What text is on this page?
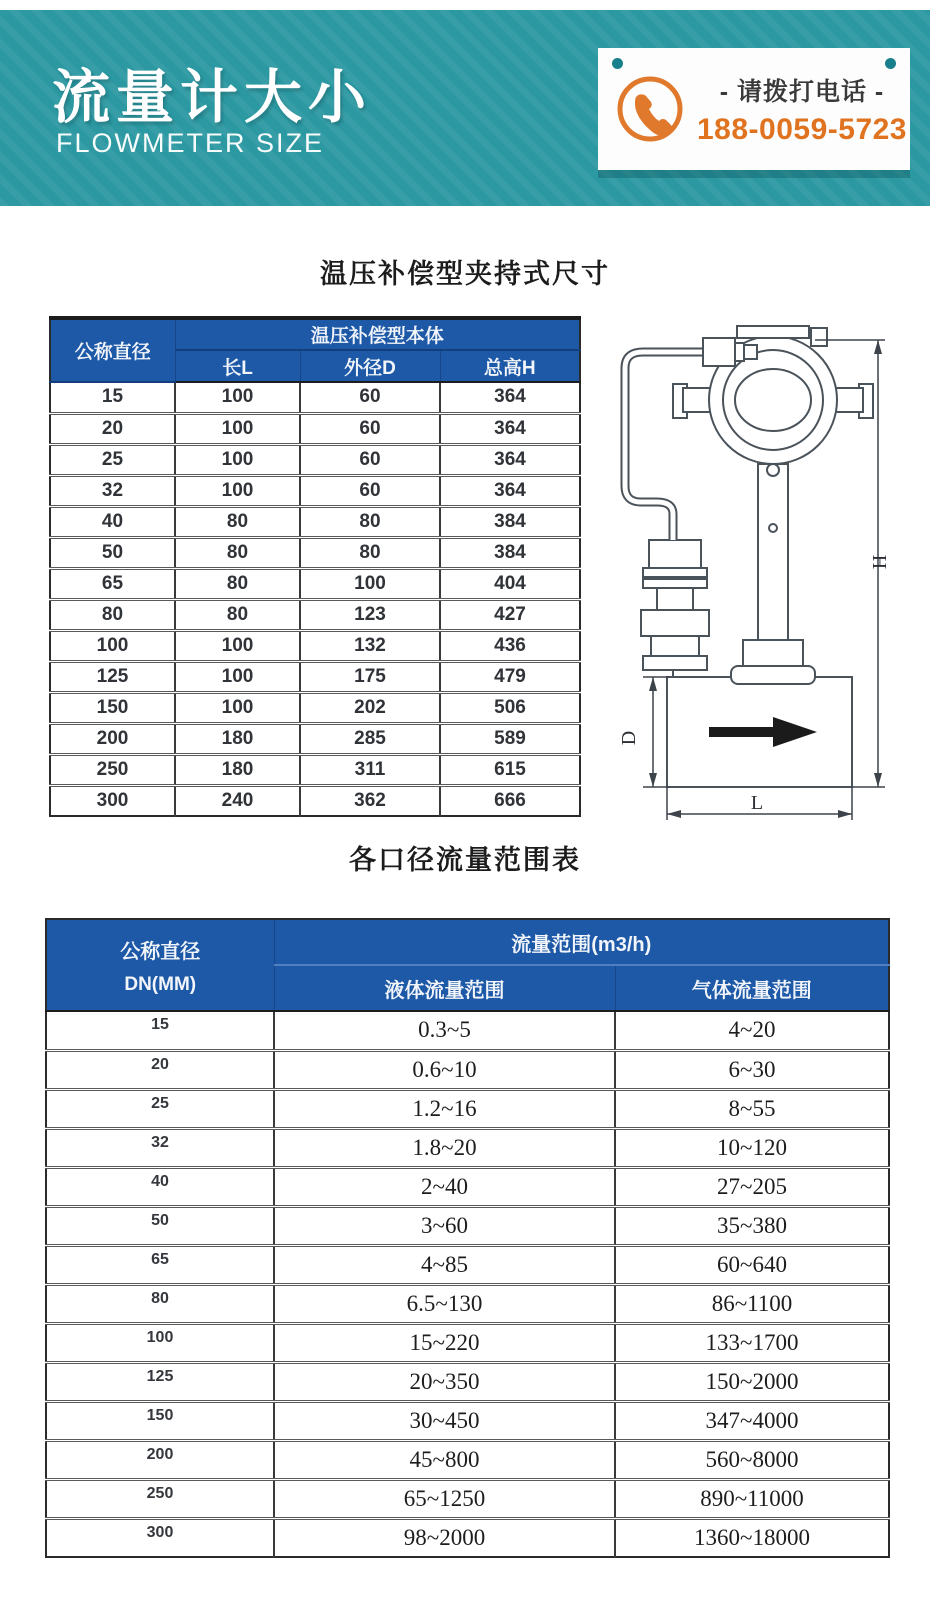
流量计大小
FLOWMETER SIZE
- 请拨打电话 -
188-0059-5723
温压补偿型夹持式尺寸
公称直径	温压补偿型本体		
	长L	外径D	总高H
15	100	60	364
20	100	60	364
25	100	60	364
32	100	60	364
40	80	80	384
50	80	80	384
65	80	100	404
80	80	123	427
100	100	132	436
125	100	175	479
150	100	202	506
200	180	285	589
250	180	311	615
300	240	362	666
H
D
L
各口径流量范围表
公称直径
DN(MM)	流量范围(m3/h)	
	液体流量范围	气体流量范围
15	0.3~5	4~20
20	0.6~10	6~30
25	1.2~16	8~55
32	1.8~20	10~120
40	2~40	27~205
50	3~60	35~380
65	4~85	60~640
80	6.5~130	86~1100
100	15~220	133~1700
125	20~350	150~2000
150	30~450	347~4000
200	45~800	560~8000
250	65~1250	890~11000
300	98~2000	1360~18000
